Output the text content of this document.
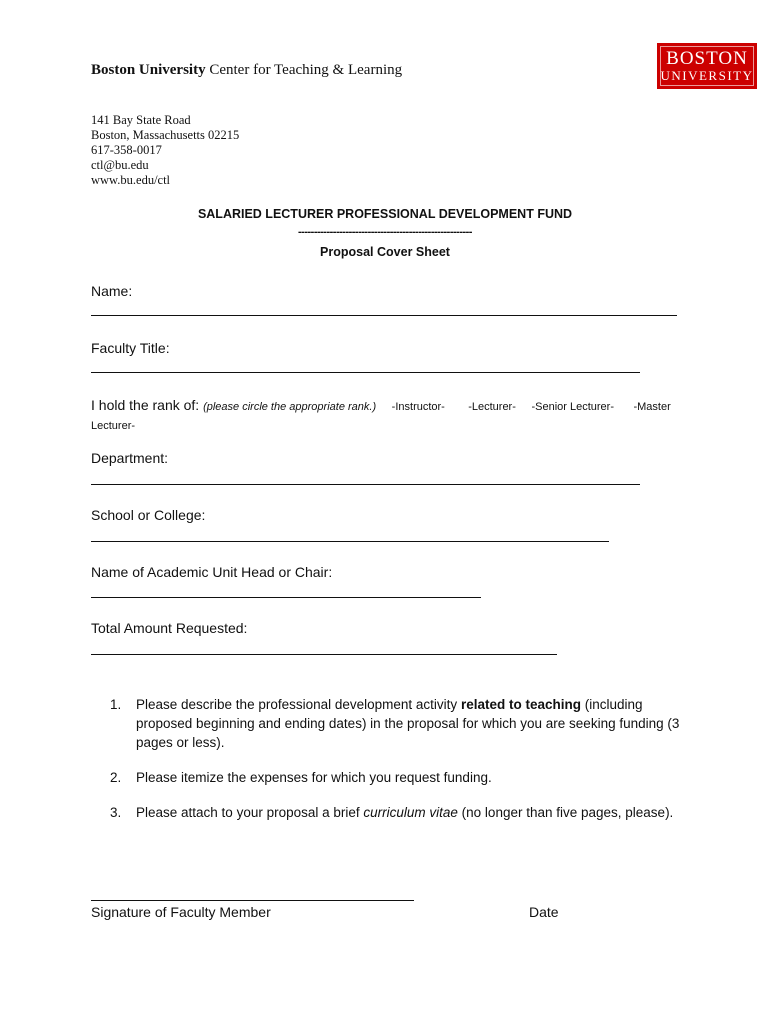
Boston University Center for Teaching & Learning
BOSTON
UNIVERSITY
141 Bay State Road
Boston, Massachusetts 02215
617-358-0017
ctl@bu.edu
www.bu.edu/ctl
SALARIED LECTURER PROFESSIONAL DEVELOPMENT FUND
-------------------------------------------------------
Proposal Cover Sheet
Name:
Faculty Title:
I hold the rank of: (please circle the appropriate rank.) -Instructor- -Lecturer- -Senior Lecturer- -Master Lecturer-
Department:
School or College:
Name of Academic Unit Head or Chair:
Total Amount Requested:
1.	Please describe the professional development activity related to teaching (including proposed beginning and ending dates) in the proposal for which you are seeking funding (3 pages or less).
2.	Please itemize the expenses for which you request funding.
3.	Please attach to your proposal a brief curriculum vitae (no longer than five pages, please).
Signature of Faculty Member	Date
